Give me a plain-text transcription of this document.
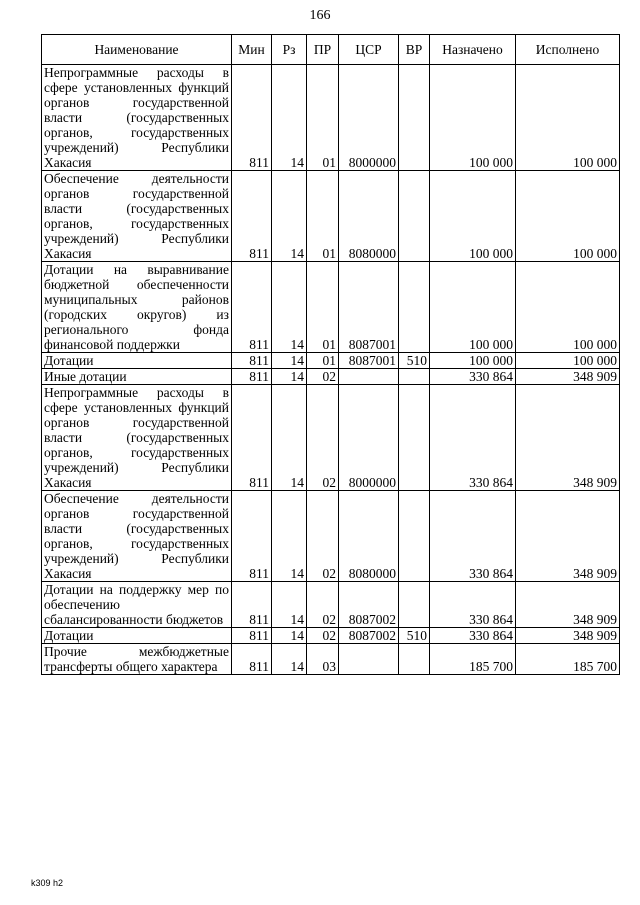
166
Наименование	Мин	Рз	ПР	ЦСР	ВР	Назначено	Исполнено
Непрограммные расходы в сфере установленных функций органов государственной власти (государственных органов, государственных учреждений) Республики Хакасия	811	14	01	8000000		100 000	100 000
Обеспечение деятельности органов государственной власти (государственных органов, государственных учреждений) Республики Хакасия	811	14	01	8080000		100 000	100 000
Дотации на выравнивание бюджетной обеспеченности муниципальных районов (городских округов) из регионального фонда финансовой поддержки	811	14	01	8087001		100 000	100 000
Дотации	811	14	01	8087001	510	100 000	100 000
Иные дотации	811	14	02			330 864	348 909
Непрограммные расходы в сфере установленных функций органов государственной власти (государственных органов, государственных учреждений) Республики Хакасия	811	14	02	8000000		330 864	348 909
Обеспечение деятельности органов государственной власти (государственных органов, государственных учреждений) Республики Хакасия	811	14	02	8080000		330 864	348 909
Дотации на поддержку мер по обеспечению сбалансированности бюджетов	811	14	02	8087002		330 864	348 909
Дотации	811	14	02	8087002	510	330 864	348 909
Прочие межбюджетные трансферты общего характера	811	14	03			185 700	185 700
k309 h2
